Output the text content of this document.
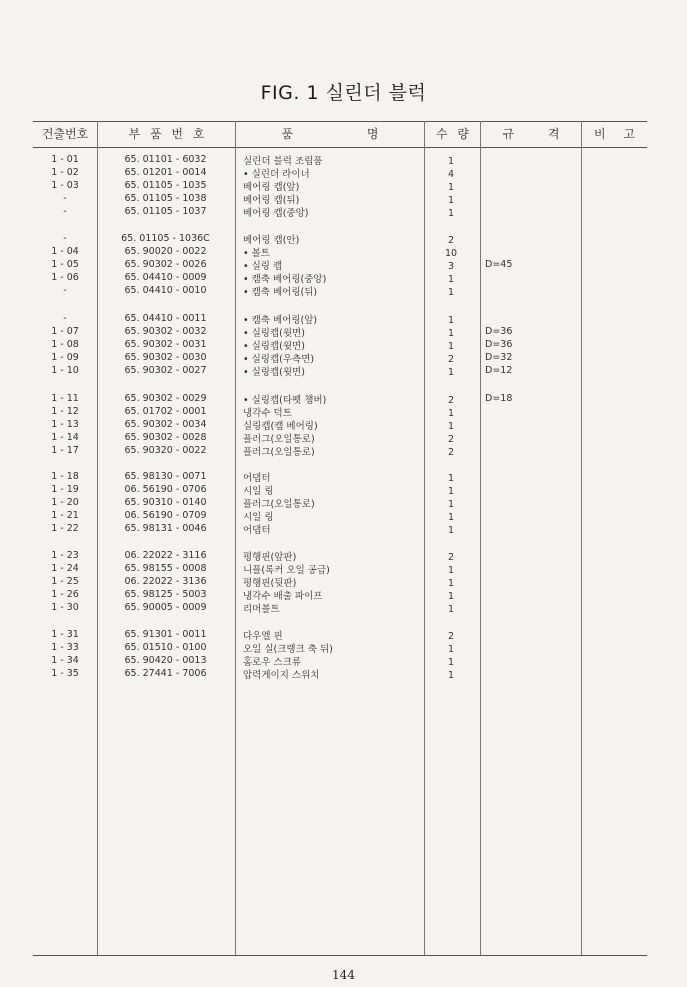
FIG. 1 실린더 블럭
건출번호	부 품 번 호	품 명	수 량	규 격	비 고
1 - 01	65. 01101 - 6032	실린더 블럭 조립품	1
1 - 02	65. 01201 - 0014	• 실린더 라이너	4
1 - 03	65. 01105 - 1035	베어링 캡(앞)	1
-	65. 01105 - 1038	베어링 캡(뒤)	1
-	65. 01105 - 1037	베어링 캡(중앙)	1
-	65. 01105 - 1036C	베어링 캡(안)	2
1 - 04	65. 90020 - 0022	• 볼트	10
1 - 05	65. 90302 - 0026	• 실링 캡	3	D=45
1 - 06	65. 04410 - 0009	• 캠축 베어링(중앙)	1
-	65. 04410 - 0010	• 캠축 베어링(뒤)	1
-	65. 04410 - 0011	• 캠축 베어링(앞)	1
1 - 07	65. 90302 - 0032	• 실링캡(윗면)	1	D=36
1 - 08	65. 90302 - 0031	• 실링캡(윗면)	1	D=36
1 - 09	65. 90302 - 0030	• 실링캡(우측면)	2	D=32
1 - 10	65. 90302 - 0027	• 실링캡(윗면)	1	D=12
1 - 11	65. 90302 - 0029	• 실링캡(타펫 챔버)	2	D=18
1 - 12	65. 01702 - 0001	냉각수 덕트	1
1 - 13	65. 90302 - 0034	실링캡(캠 베어링)	1
1 - 14	65. 90302 - 0028	플러그(오일통로)	2
1 - 17	65. 90320 - 0022	플러그(오일통로)	2
1 - 18	65. 98130 - 0071	어댑터	1
1 - 19	06. 56190 - 0706	시일 링	1
1 - 20	65. 90310 - 0140	플러그(오일통로)	1
1 - 21	06. 56190 - 0709	시일 링	1
1 - 22	65. 98131 - 0046	어댑터	1
1 - 23	06. 22022 - 3116	평행핀(앞판)	2
1 - 24	65. 98155 - 0008	니플(록커 오일 공급)	1
1 - 25	06. 22022 - 3136	평행핀(뒷판)	1
1 - 26	65. 98125 - 5003	냉각수 배출 파이프	1
1 - 30	65. 90005 - 0009	리머볼트	1
1 - 31	65. 91301 - 0011	다우엘 핀	2
1 - 33	65. 01510 - 0100	오일 실(크랭크 축 뒤)	1
1 - 34	65. 90420 - 0013	홈로우 스크류	1
1 - 35	65. 27441 - 7006	압력게이지 스위치	1
144
